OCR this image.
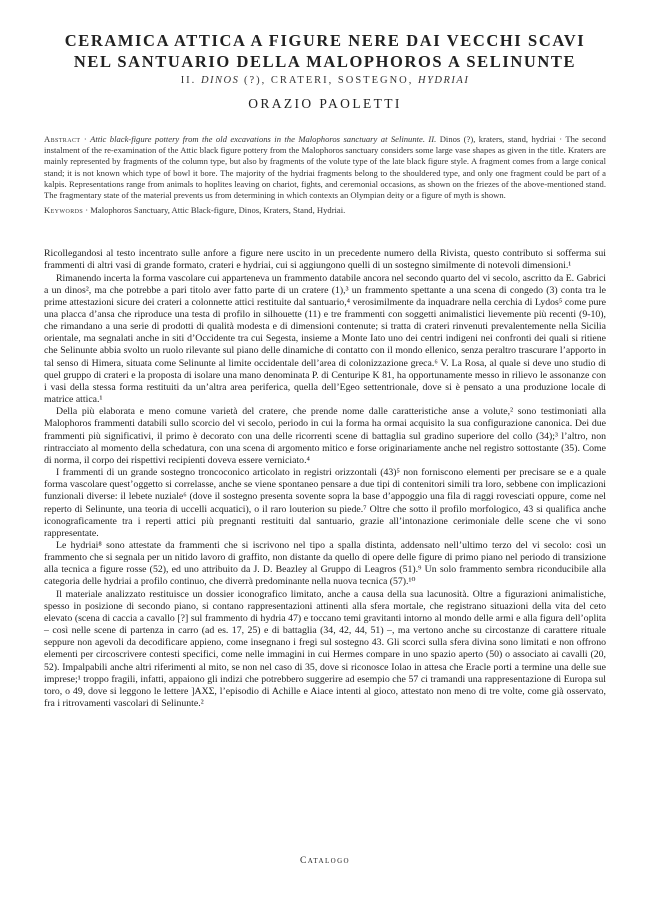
CERAMICA ATTICA A FIGURE NERE DAI VECCHI SCAVI
NEL SANTUARIO DELLA MALOPHOROS A SELINUNTE
II. DINOS (?), CRATERI, SOSTEGNO, HYDRIAI
ORAZIO PAOLETTI
Abstract · Attic black-figure pottery from the old excavations in the Malophoros sanctuary at Selinunte. II. Dinos (?), krаters, stand, hydriai · The second instalment of the re-examination of the Attic black figure pottery from the Malophoros sanctuary considers some large vase shapes as given in the title. Kraters are mainly represented by fragments of the column type, but also by fragments of the volute type of the late black figure style. A fragment comes from a large conical stand; it is not known which type of bowl it bore. The majority of the hydriai fragments belong to the shouldered type, and only one fragment could be part of a kalpis. Representations range from animals to hoplites leaving on chariot, fights, and ceremonial occasions, as shown on the friezes of the above-mentioned stand. The fragmentary state of the material prevents us from determining in which contexts an Olympian deity or a figure of myth is shown.
Keywords · Malophoros Sanctuary, Attic Black-figure, Dinos, Kraters, Stand, Hydriai.

Ricollegandosi al testo incentrato sulle anfore a figure nere uscito in un precedente numero della Rivista, questo contributo si sofferma sui frammenti di altri vasi di grande formato, crateri e hydriai, cui si aggiungono quelli di un sostegno similmente di notevoli dimensioni.¹

Rimanendo incerta la forma vascolare cui apparteneva un frammento databile ancora nel secondo quarto del vi secolo, ascritto da E. Gabrici a un dinos², ma che potrebbe a pari titolo aver fatto parte di un cratere (1),³ un frammento spettante a una scena di congedo (3) conta tra le prime attestazioni sicure dei crateri a colonnette attici restituite dal santuario,⁴ verosimilmente da inquadrare nella cerchia di Lydos⁵ come pure una placca d’ansa che riproduce una testa di profilo in silhouette (11) e tre frammenti con soggetti animalistici lievemente più recenti (9-10), che rimandano a una serie di prodotti di qualità modesta e di dimensioni contenute; si tratta di crateri rinvenuti prevalentemente nella Sicilia orientale, ma segnalati anche in siti d’Occidente tra cui Segesta, insieme a Monte Iato uno dei centri indigeni nei confronti dei quali si ritiene che Selinunte abbia svolto un ruolo rilevante sul piano delle dinamiche di contatto con il mondo ellenico, senza peraltro trascurare l’apporto in tal senso di Himera, situata come Selinunte al limite occidentale dell’area di colonizzazione greca.⁶ V. La Rosa, al quale si deve uno studio di quel gruppo di crateri e la proposta di isolare una mano denominata P. di Centuripe K 81, ha opportunamente messo in rilievo le assonanze con i vasi della stessa forma restituiti da un’altra area periferica, quella dell’Egeo settentrionale, dove si è pensato a una produzione locale di matrice attica.¹

Della più elaborata e meno comune varietà del cratere, che prende nome dalle caratteristiche anse a volute,² sono testimoniati alla Malophoros frammenti databili sullo scorcio del vi secolo, periodo in cui la forma ha ormai acquisito la sua configurazione canonica. Dei due frammenti più significativi, il primo è decorato con una delle ricorrenti scene di battaglia sul gradino superiore del collo (34);³ l’altro, non rintracciato al momento della schedatura, con una scena di argomento mitico e forse originariamente anche nel registro sottostante (35). Come di norma, il corpo dei rispettivi recipienti doveva essere verniciato.⁴

I frammenti di un grande sostegno troncoconico articolato in registri orizzontali (43)⁵ non forniscono elementi per precisare se e a quale forma vascolare quest’oggetto si correlasse, anche se viene spontaneo pensare a due tipi di contenitori simili tra loro, sebbene con implicazioni funzionali diverse: il lebete nuziale⁶ (dove il sostegno presenta sovente sopra la base d’appoggio una fila di raggi rovesciati oppure, come nel reperto di Selinunte, una teoria di uccelli acquatici), o il raro louterion su piede.⁷ Oltre che sotto il profilo morfologico, 43 si qualifica anche iconograficamente tra i reperti attici più pregnanti restituiti dal santuario, grazie all’intonazione cerimoniale delle scene che vi sono rappresentate.

Le hydriai⁸ sono attestate da frammenti che si iscrivono nel tipo a spalla distinta, addensato nell’ultimo terzo del vi secolo: così un frammento che si segnala per un nitido lavoro di graffito, non distante da quello di opere delle figure di primo piano nel periodo di transizione alla tecnica a figure rosse (52), ed uno attribuito da J. D. Beazley al Gruppo di Leagros (51).⁹ Un solo frammento sembra riconducibile alla categoria delle hydriai a profilo continuo, che diverrà predominante nella nuova tecnica (57).¹⁰

Il materiale analizzato restituisce un dossier iconografico limitato, anche a causa della sua lacunosità. Oltre a figurazioni animalistiche, spesso in posizione di secondo piano, si contano rappresentazioni attinenti alla sfera mortale, che registrano situazioni della vita del ceto elevato (scena di caccia a cavallo [?] sul frammento di hydria 47) e toccano temi gravitanti intorno al mondo delle armi e alla figura dell’oplita – così nelle scene di partenza in carro (ad es. 17, 25) e di battaglia (34, 42, 44, 51) –, ma vertono anche su circostanze di carattere rituale seppure non agevoli da decodificare appieno, come insegnano i fregi sul sostegno 43. Gli scorci sulla sfera divina sono limitati e non offrono elementi per circoscrivere contesti specifici, come nelle immagini in cui Hermes compare in uno spazio aperto (50) o associato ai cavalli (20, 52). Impalpabili anche altri riferimenti al mito, se non nel caso di 35, dove si riconosce Iolao in attesa che Eracle porti a termine una delle sue imprese;¹ troppo fragili, infatti, appaiono gli indizi che potrebbero suggerire ad esempio che 57 ci tramandi una rappresentazione di Europa sul toro, o 49, dove si leggono le lettere ]ΑΧΣ, l’episodio di Achille e Aiace intenti al gioco, attestato non meno di tre volte, come già osservato, fra i ritrovamenti vascolari di Selinunte.²

Catalogo
